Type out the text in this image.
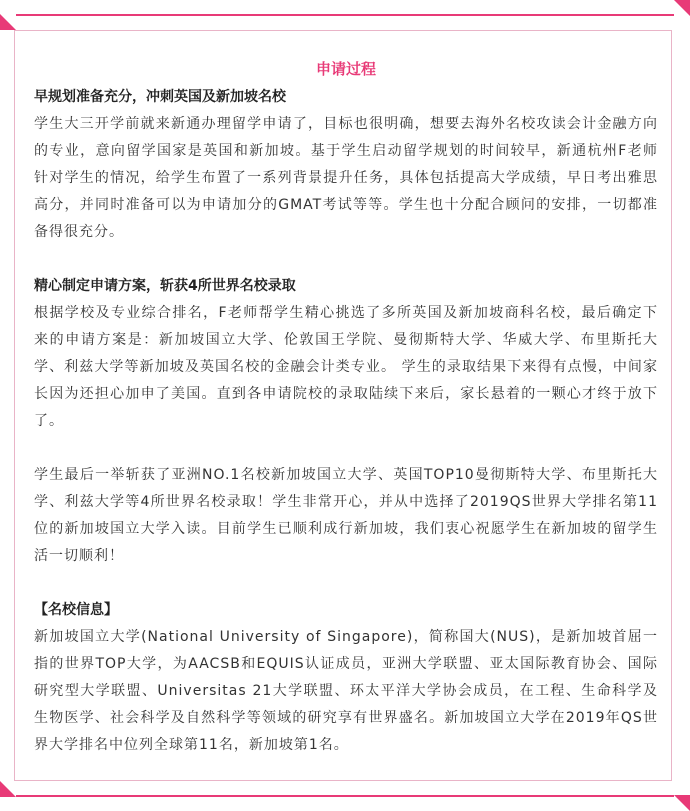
申请过程
早规划准备充分，冲刺英国及新加坡名校

学生大三开学前就来新通办理留学申请了，目标也很明确，想要去海外名校攻读会计金融方向的专业，意向留学国家是英国和新加坡。基于学生启动留学规划的时间较早，新通杭州F老师针对学生的情况，给学生布置了一系列背景提升任务，具体包括提高大学成绩，早日考出雅思高分，并同时准备可以为申请加分的GMAT考试等等。学生也十分配合顾问的安排，一切都准备得很充分。

精心制定申请方案，斩获4所世界名校录取

根据学校及专业综合排名，F老师帮学生精心挑选了多所英国及新加坡商科名校，最后确定下来的申请方案是：新加坡国立大学、伦敦国王学院、曼彻斯特大学、华威大学、布里斯托大学、利兹大学等新加坡及英国名校的金融会计类专业。 学生的录取结果下来得有点慢，中间家长因为还担心加申了美国。直到各申请院校的录取陆续下来后，家长悬着的一颗心才终于放下了。

学生最后一举斩获了亚洲NO.1名校新加坡国立大学、英国TOP10曼彻斯特大学、布里斯托大学、利兹大学等4所世界名校录取！学生非常开心，并从中选择了2019QS世界大学排名第11位的新加坡国立大学入读。目前学生已顺利成行新加坡，我们衷心祝愿学生在新加坡的留学生活一切顺利！

【名校信息】

新加坡国立大学(National University of Singapore)，简称国大(NUS)，是新加坡首屈一指的世界TOP大学，为AACSB和EQUIS认证成员，亚洲大学联盟、亚太国际教育协会、国际研究型大学联盟、Universitas 21大学联盟、环太平洋大学协会成员，在工程、生命科学及生物医学、社会科学及自然科学等领域的研究享有世界盛名。新加坡国立大学在2019年QS世界大学排名中位列全球第11名，新加坡第1名。
